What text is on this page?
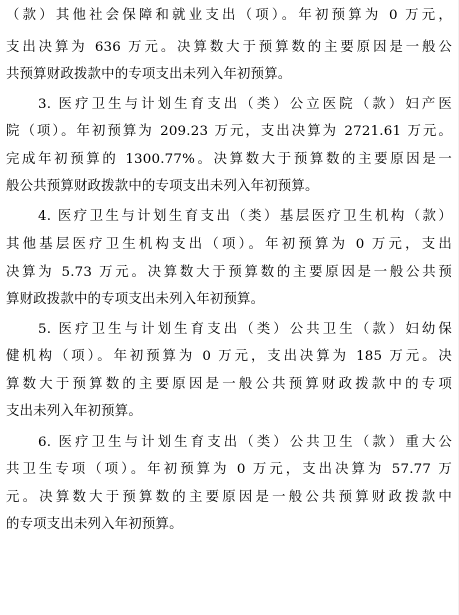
（款）其他社会保障和就业支出（项）。年初预算为 0 万元，
支出决算为 636 万元。决算数大于预算数的主要原因是一般公
共预算财政拨款中的专项支出未列入年初预算。
3. 医疗卫生与计划生育支出（类）公立医院（款）妇产医
院（项）。年初预算为 209.23 万元，支出决算为 2721.61 万元。
完成年初预算的 1300.77%。决算数大于预算数的主要原因是一
般公共预算财政拨款中的专项支出未列入年初预算。
4. 医疗卫生与计划生育支出（类）基层医疗卫生机构（款）
其他基层医疗卫生机构支出（项）。年初预算为 0 万元，支出
决算为 5.73 万元。决算数大于预算数的主要原因是一般公共预
算财政拨款中的专项支出未列入年初预算。
5. 医疗卫生与计划生育支出（类）公共卫生（款）妇幼保
健机构（项）。年初预算为 0 万元，支出决算为 185 万元。决
算数大于预算数的主要原因是一般公共预算财政拨款中的专项
支出未列入年初预算。
6. 医疗卫生与计划生育支出（类）公共卫生（款）重大公
共卫生专项（项）。年初预算为 0 万元，支出决算为 57.77 万
元。决算数大于预算数的主要原因是一般公共预算财政拨款中
的专项支出未列入年初预算。
